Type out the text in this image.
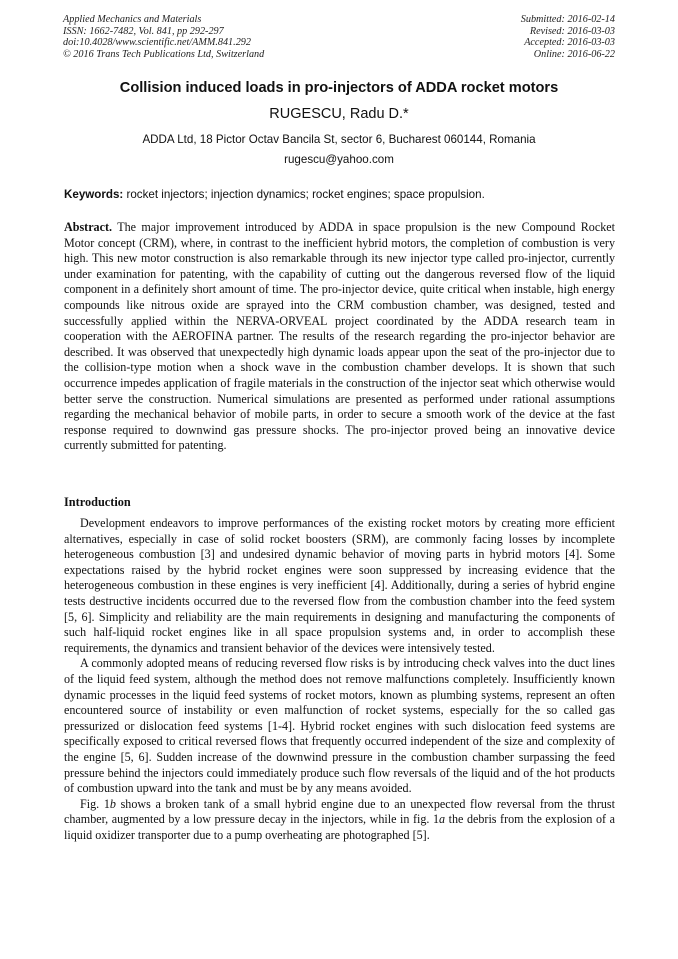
Applied Mechanics and Materials
ISSN: 1662-7482, Vol. 841, pp 292-297
doi:10.4028/www.scientific.net/AMM.841.292
© 2016 Trans Tech Publications Ltd, Switzerland
Submitted: 2016-02-14
Revised: 2016-03-03
Accepted: 2016-03-03
Online: 2016-06-22
Collision induced loads in pro-injectors of ADDA rocket motors
RUGESCU, Radu D.*
ADDA Ltd, 18 Pictor Octav Bancila St, sector 6, Bucharest 060144, Romania
rugescu@yahoo.com
Keywords: rocket injectors; injection dynamics; rocket engines; space propulsion.
Abstract. The major improvement introduced by ADDA in space propulsion is the new Compound Rocket Motor concept (CRM), where, in contrast to the inefficient hybrid motors, the completion of combustion is very high. This new motor construction is also remarkable through its new injector type called pro-injector, currently under examination for patenting, with the capability of cutting out the dangerous reversed flow of the liquid component in a definitely short amount of time. The pro-injector device, quite critical when instable, high energy compounds like nitrous oxide are sprayed into the CRM combustion chamber, was designed, tested and successfully applied within the NERVA-ORVEAL project coordinated by the ADDA research team in cooperation with the AEROFINA partner. The results of the research regarding the pro-injector behavior are described. It was observed that unexpectedly high dynamic loads appear upon the seat of the pro-injector due to the collision-type motion when a shock wave in the combustion chamber develops. It is shown that such occurrence impedes application of fragile materials in the construction of the injector seat which otherwise would better serve the construction. Numerical simulations are presented as performed under rational assumptions regarding the mechanical behavior of mobile parts, in order to secure a smooth work of the device at the fast response required to downwind gas pressure shocks. The pro-injector proved being an innovative device currently submitted for patenting.
Introduction

Development endeavors to improve performances of the existing rocket motors by creating more efficient alternatives, especially in case of solid rocket boosters (SRM), are commonly facing losses by incomplete heterogeneous combustion [3] and undesired dynamic behavior of moving parts in hybrid motors [4]. Some expectations raised by the hybrid rocket engines were soon suppressed by increasing evidence that the heterogeneous combustion in these engines is very inefficient [4]. Additionally, during a series of hybrid engine tests destructive incidents occurred due to the reversed flow from the combustion chamber into the feed system [5, 6]. Simplicity and reliability are the main requirements in designing and manufacturing the components of such half-liquid rocket engines like in all space propulsion systems and, in order to accomplish these requirements, the dynamics and transient behavior of the devices were intensively tested.

A commonly adopted means of reducing reversed flow risks is by introducing check valves into the duct lines of the liquid feed system, although the method does not remove malfunctions completely. Insufficiently known dynamic processes in the liquid feed systems of rocket motors, known as plumbing systems, represent an often encountered source of instability or even malfunction of rocket systems, especially for the so called gas pressurized or dislocation feed systems [1-4]. Hybrid rocket engines with such dislocation feed systems are specifically exposed to critical reversed flows that frequently occurred independent of the size and complexity of the engine [5, 6]. Sudden increase of the downwind pressure in the combustion chamber surpassing the feed pressure behind the injectors could immediately produce such flow reversals of the liquid and of the hot products of combustion upward into the tank and must be by any means avoided.

Fig. 1b shows a broken tank of a small hybrid engine due to an unexpected flow reversal from the thrust chamber, augmented by a low pressure decay in the injectors, while in fig. 1a the debris from the explosion of a liquid oxidizer transporter due to a pump overheating are photographed [5].
